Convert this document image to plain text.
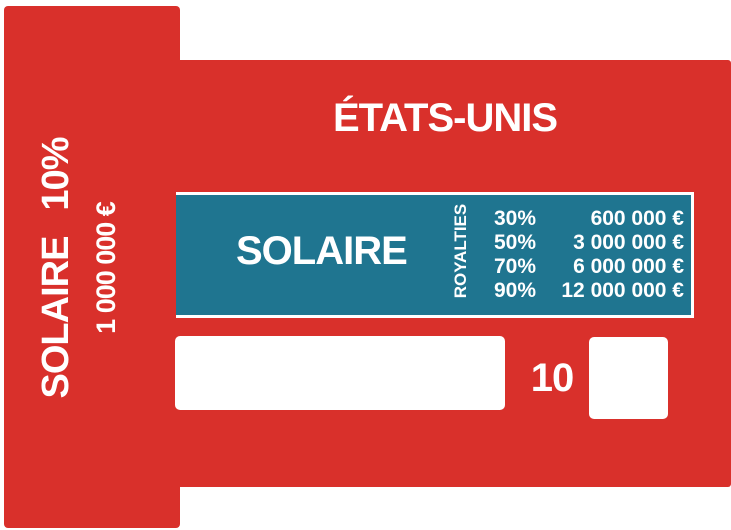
SOLAIRE10%
1 000 000 €
ÉTATS-UNIS
SOLAIRE	ROYALTIES 30%	600 000 €
50%	3 000 000 €
70%	6 000 000 €
90%	12 000 000 €
10
